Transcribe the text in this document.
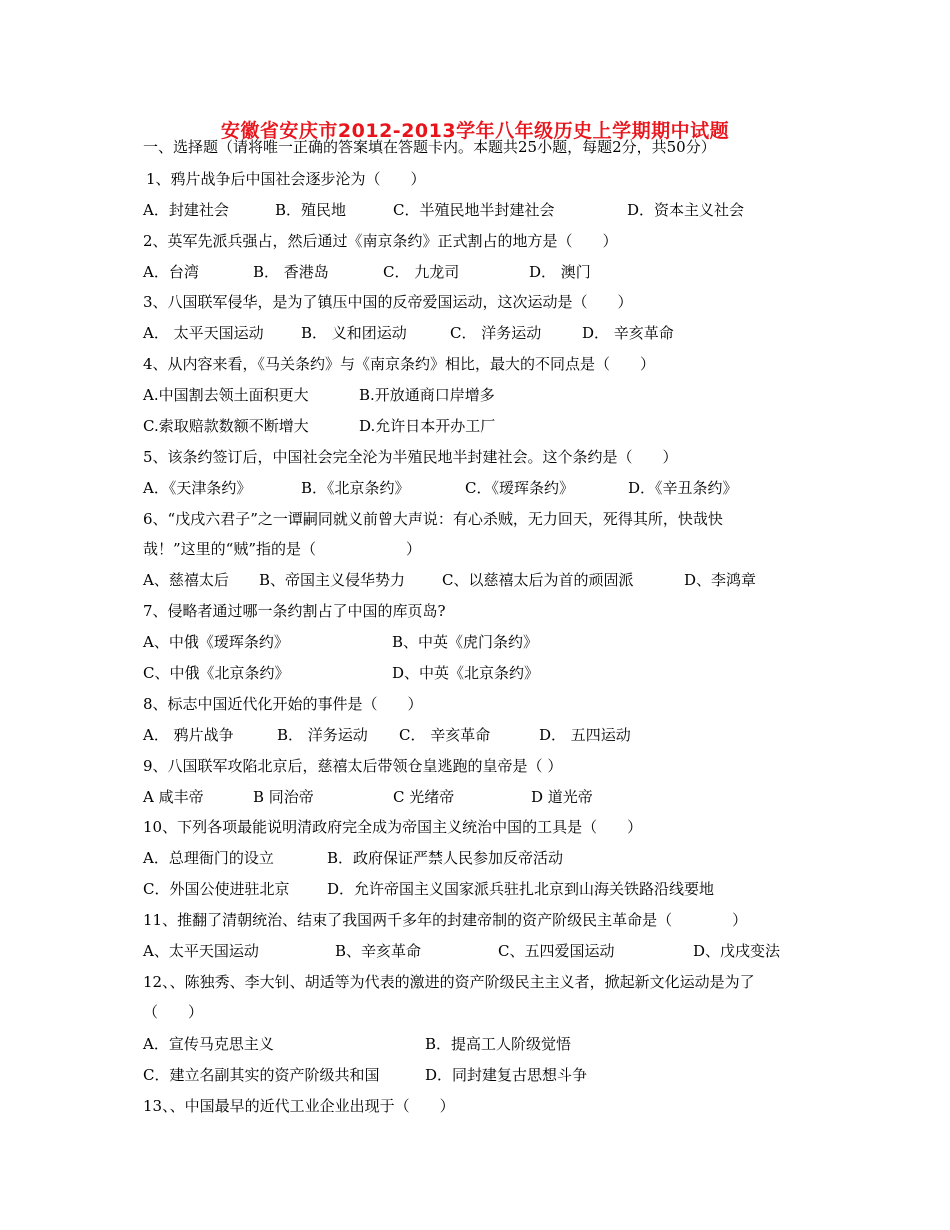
安徽省安庆市2012-2013学年八年级历史上学期期中试题
一、选择题（请将唯一正确的答案填在答题卡内。本题共25小题，每题2分，共50分）
1、鸦片战争后中国社会逐步沦为（　　）
A．封建社会	B．殖民地	C．半殖民地半封建社会	D．资本主义社会
2、英军先派兵强占，然后通过《南京条约》正式割占的地方是（　　）
A．台湾	B． 香港岛	C． 九龙司	D． 澳门
3、八国联军侵华，是为了镇压中国的反帝爱国运动，这次运动是（　　）
A． 太平天国运动 B． 义和团运动	C． 洋务运动	D． 辛亥革命
4、从内容来看，《马关条约》与《南京条约》相比，最大的不同点是（　　）
A.中国割去领土面积更大	B.开放通商口岸增多
C.索取赔款数额不断增大	D.允许日本开办工厂
5、该条约签订后，中国社会完全沦为半殖民地半封建社会。这个条约是（　　）
A．《天津条约》	B．《北京条约》	C．《瑷珲条约》	D．《辛丑条约》
6、“戊戌六君子”之一谭嗣同就义前曾大声说：有心杀贼，无力回天，死得其所，快哉快
哉！”这里的“贼”指的是（　　　　　　）
A、慈禧太后 B、帝国主义侵华势力 C、以慈禧太后为首的顽固派	D、李鸿章
7、侵略者通过哪一条约割占了中国的库页岛?
A、中俄《瑷珲条约》	B、中英《虎门条约》
C、中俄《北京条约》	D、中英《北京条约》
8、标志中国近代化开始的事件是（　　）
A． 鸦片战争	B． 洋务运动 C． 辛亥革命	D． 五四运动
9、八国联军攻陷北京后，慈禧太后带领仓皇逃跑的皇帝是（ ）
A 咸丰帝	B 同治帝	C 光绪帝	D 道光帝
10、下列各项最能说明清政府完全成为帝国主义统治中国的工具是（　　）
A．总理衙门的设立	B．政府保证严禁人民参加反帝活动
C．外国公使进驻北京	D．允许帝国主义国家派兵驻扎北京到山海关铁路沿线要地
11、推翻了清朝统治、结束了我国两千多年的封建帝制的资产阶级民主革命是（　　　　）
A、太平天国运动	B、辛亥革命	C、五四爱国运动	D、戊戌变法
12、、陈独秀、李大钊、胡适等为代表的激进的资产阶级民主主义者，掀起新文化运动是为了
（　　）
A．宣传马克思主义	B．提高工人阶级觉悟
C．建立名副其实的资产阶级共和国	D．同封建复古思想斗争
13、、中国最早的近代工业企业出现于（　　）
